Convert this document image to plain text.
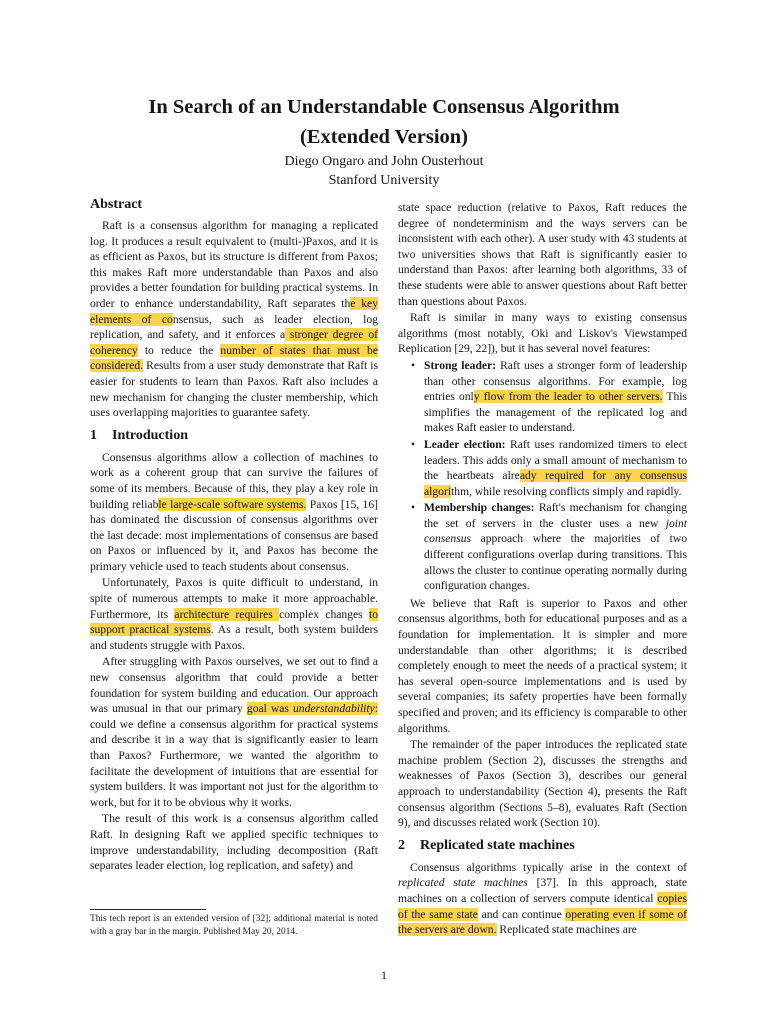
In Search of an Understandable Consensus Algorithm
(Extended Version)
Diego Ongaro and John Ousterhout
Stanford University
Abstract

Raft is a consensus algorithm for managing a replicated log. It produces a result equivalent to (multi-)Paxos, and it is as efficient as Paxos, but its structure is different from Paxos; this makes Raft more understandable than Paxos and also provides a better foundation for building practical systems. In order to enhance understandability, Raft separates the key elements of consensus, such as leader election, log replication, and safety, and it enforces a stronger degree of coherency to reduce the number of states that must be considered. Results from a user study demonstrate that Raft is easier for students to learn than Paxos. Raft also includes a new mechanism for changing the cluster membership, which uses overlapping majorities to guarantee safety.

1 Introduction

Consensus algorithms allow a collection of machines to work as a coherent group that can survive the failures of some of its members. Because of this, they play a key role in building reliable large-scale software systems. Paxos [15, 16] has dominated the discussion of consensus algorithms over the last decade: most implementations of consensus are based on Paxos or influenced by it, and Paxos has become the primary vehicle used to teach students about consensus.

Unfortunately, Paxos is quite difficult to understand, in spite of numerous attempts to make it more approachable. Furthermore, its architecture requires complex changes to support practical systems. As a result, both system builders and students struggle with Paxos.

After struggling with Paxos ourselves, we set out to find a new consensus algorithm that could provide a better foundation for system building and education. Our approach was unusual in that our primary goal was understandability: could we define a consensus algorithm for practical systems and describe it in a way that is significantly easier to learn than Paxos? Furthermore, we wanted the algorithm to facilitate the development of intuitions that are essential for system builders. It was important not just for the algorithm to work, but for it to be obvious why it works.

The result of this work is a consensus algorithm called Raft. In designing Raft we applied specific techniques to improve understandability, including decomposition (Raft separates leader election, log replication, and safety) and

This tech report is an extended version of [32]; additional material is noted with a gray bar in the margin. Published May 20, 2014.

state space reduction (relative to Paxos, Raft reduces the degree of nondeterminism and the ways servers can be inconsistent with each other). A user study with 43 students at two universities shows that Raft is significantly easier to understand than Paxos: after learning both algorithms, 33 of these students were able to answer questions about Raft better than questions about Paxos.

Raft is similar in many ways to existing consensus algorithms (most notably, Oki and Liskov's Viewstamped Replication [29, 22]), but it has several novel features:

• Strong leader: Raft uses a stronger form of leadership than other consensus algorithms. For example, log entries only flow from the leader to other servers. This simplifies the management of the replicated log and makes Raft easier to understand.
• Leader election: Raft uses randomized timers to elect leaders. This adds only a small amount of mechanism to the heartbeats already required for any consensus algorithm, while resolving conflicts simply and rapidly.
• Membership changes: Raft's mechanism for changing the set of servers in the cluster uses a new joint consensus approach where the majorities of two different configurations overlap during transitions. This allows the cluster to continue operating normally during configuration changes.

We believe that Raft is superior to Paxos and other consensus algorithms, both for educational purposes and as a foundation for implementation. It is simpler and more understandable than other algorithms; it is described completely enough to meet the needs of a practical system; it has several open-source implementations and is used by several companies; its safety properties have been formally specified and proven; and its efficiency is comparable to other algorithms.

The remainder of the paper introduces the replicated state machine problem (Section 2), discusses the strengths and weaknesses of Paxos (Section 3), describes our general approach to understandability (Section 4), presents the Raft consensus algorithm (Sections 5–8), evaluates Raft (Section 9), and discusses related work (Section 10).

2 Replicated state machines

Consensus algorithms typically arise in the context of replicated state machines [37]. In this approach, state machines on a collection of servers compute identical copies of the same state and can continue operating even if some of the servers are down. Replicated state machines are

1
